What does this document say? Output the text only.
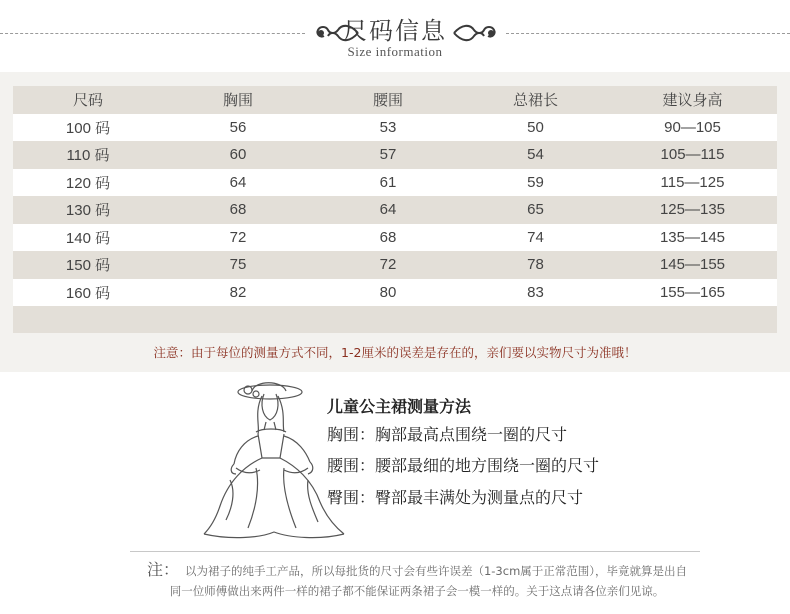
尺码信息
Size information
尺码	胸围	腰围	总裙长	建议身高
100 码	56	53	50	90—105
110 码	60	57	54	105—115
120 码	64	61	59	115—125
130 码	68	64	65	125—135
140 码	72	68	74	135—145
150 码	75	72	78	145—155
160 码	82	80	83	155—165

注意：由于每位的测量方式不同，1-2厘米的误差是存在的，亲们要以实物尺寸为准哦！
儿童公主裙测量方法
胸围：胸部最高点围绕一圈的尺寸
腰围：腰部最细的地方围绕一圈的尺寸
臀围：臀部最丰满处为测量点的尺寸
注： 以为裙子的纯手工产品，所以每批货的尺寸会有些许误差（1-3cm属于正常范围），毕竟就算是出自
同一位师傅做出来两件一样的裙子都不能保证两条裙子会一模一样的。关于这点请各位亲们见谅。
